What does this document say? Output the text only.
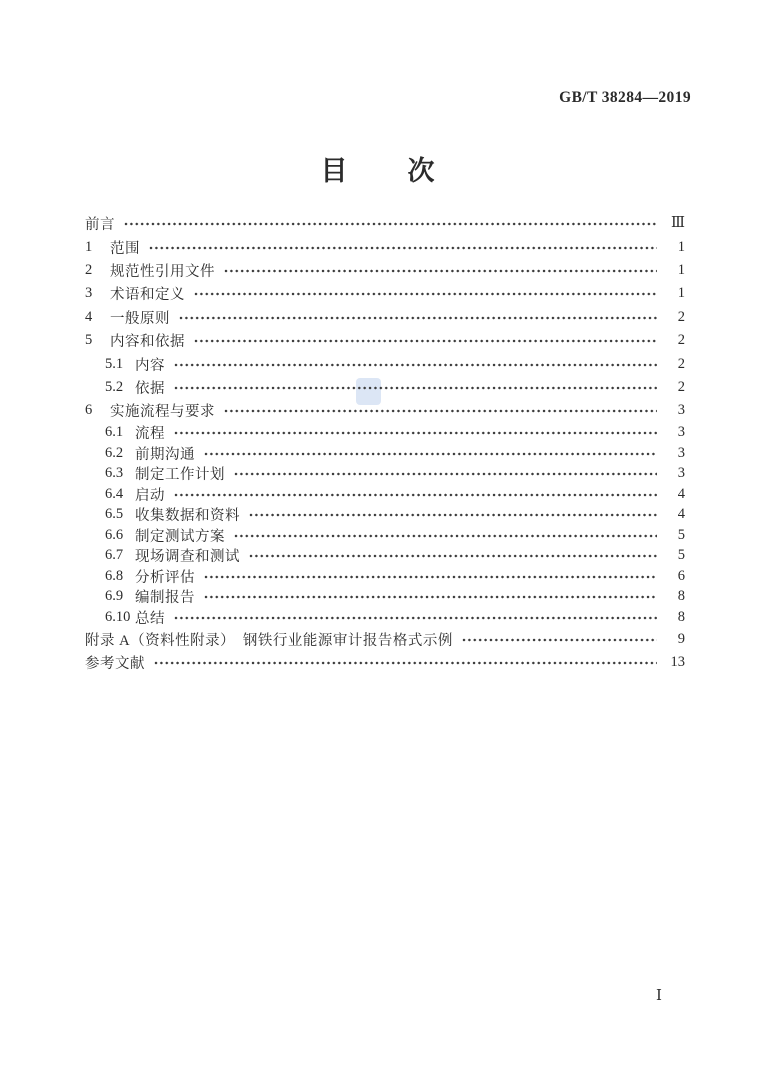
GB/T 38284—2019
目　　次
前言	Ⅲ
1	范围	1
2	规范性引用文件	1
3	术语和定义	1
4	一般原则	2
5	内容和依据	2
5.1 内容	2
5.2 依据	2
6	实施流程与要求	3
6.1 流程	3
6.2 前期沟通	3
6.3 制定工作计划	3
6.4 启动	4
6.5 收集数据和资料	4
6.6 制定测试方案	5
6.7 现场调查和测试	5
6.8 分析评估	6
6.9 编制报告	8
6.10 总结	8
附录 A（资料性附录）　钢铁行业能源审计报告格式示例	9
参考文献	13
Ⅰ
